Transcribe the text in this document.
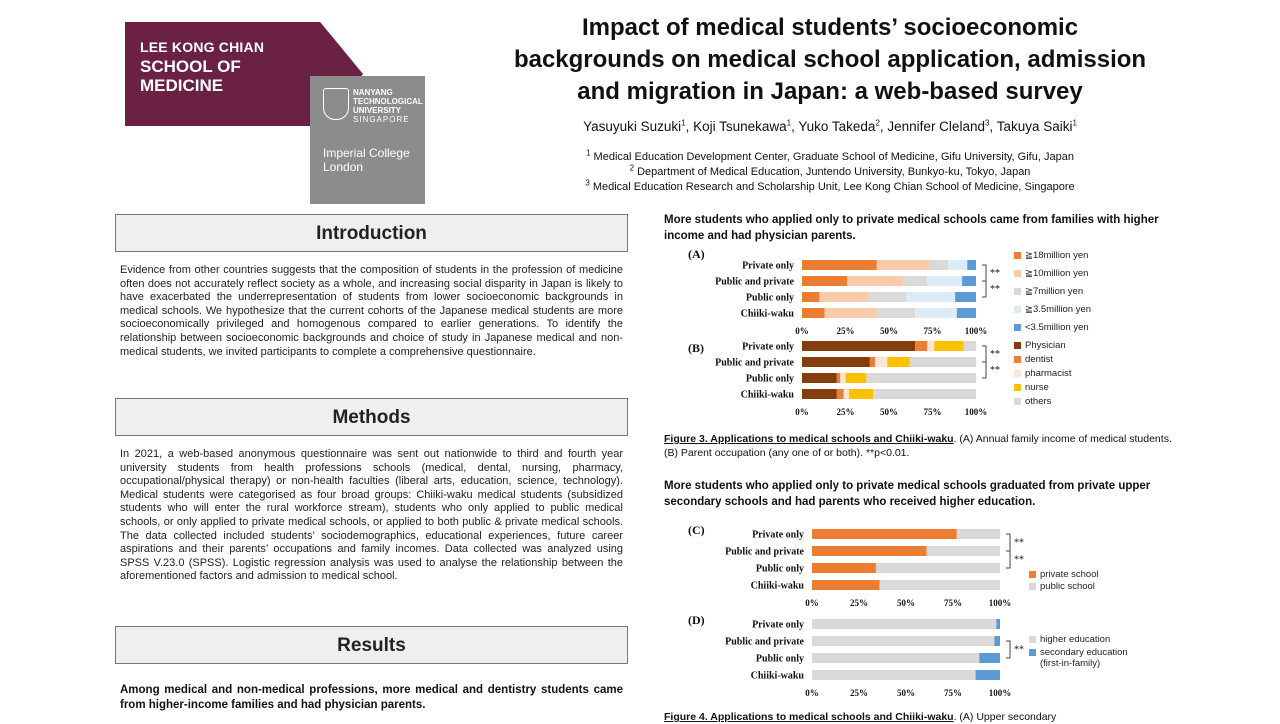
LEE KONG CHIAN
SCHOOL OF
MEDICINE	NANYANG
TECHNOLOGICAL
UNIVERSITY
SINGAPORE
Imperial College
London
Impact of medical students’ socioeconomic
backgrounds on medical school application, admission
and migration in Japan: a web-based survey
Yasuyuki Suzuki$^1$, Koji Tsunekawa$^1$, Yuko Takeda$^2$, Jennifer Cleland$^3$, Takuya Saiki$^1$
$^1$ Medical Education Development Center, Graduate School of Medicine, Gifu University, Gifu, Japan
$^2$ Department of Medical Education, Juntendo University, Bunkyo-ku, Tokyo, Japan
$^3$ Medical Education Research and Scholarship Unit, Lee Kong Chian School of Medicine, Singapore
Introduction
Evidence from other countries suggests that the composition of students in the profession of medicine often does not accurately reflect society as a whole, and increasing social disparity in Japan is likely to have exacerbated the underrepresentation of students from lower socioeconomic backgrounds in medical schools. We hypothesize that the current cohorts of the Japanese medical students are more socioeconomically privileged and homogenous compared to earlier generations. To identify the relationship between socioeconomic backgrounds and choice of study in Japanese medical and non-medical students, we invited participants to complete a comprehensive questionnaire.
Methods
In 2021, a web-based anonymous questionnaire was sent out nationwide to third and fourth year university students from health professions schools (medical, dental, nursing, pharmacy, occupational/physical therapy) or non-health faculties (liberal arts, education, science, technology). Medical students were categorised as four broad groups: Chiiki-waku medical students (subsidized students who will enter the rural workforce stream), students who only applied to public medical schools, or only applied to private medical schools, or applied to both public & private medical schools. The data collected included students’ sociodemographics, educational experiences, future career aspirations and their parents’ occupations and family incomes. Data collected was analyzed using SPSS V.23.0 (SPSS). Logistic regression analysis was used to analyse the relationship between the aforementioned factors and admission to medical school.
Results
Among medical and non-medical professions, more medical and dentistry students came from higher-income families and had physician parents.
More students who applied only to private medical schools came from families with higher income and had physician parents.
(A)
Private only
Public and private
Public only
Chiiki-waku
0%	25%	50%	75%	100%
**
**
≧18million yen
≧10million yen
≧7million yen
≧3.5million yen
<3.5million yen
(B)	Private only
Public and private
Public only
Chiiki-waku
0%	25%	50%	75%	100%
**
**
Physician
dentist
pharmacist
nurse
others
Figure 3. Applications to medical schools and Chiiki-waku. (A) Annual family income of medical students. (B) Parent occupation (any one of or both). **p<0.01.
More students who applied only to private medical schools graduated from private upper secondary schools and had parents who received higher education.
(C)	Private only
Public and private
Public only
Chiiki-waku
0%	25%	50%	75%	100%
**
**
private school
public school
(D)	Private only
Public and private
Public only
Chiiki-waku
0%	25%	50%	75%	100%
**
higher education
secondary education
(first-in-family)
Figure 4. Applications to medical schools and Chiiki-waku. (A) Upper secondary
